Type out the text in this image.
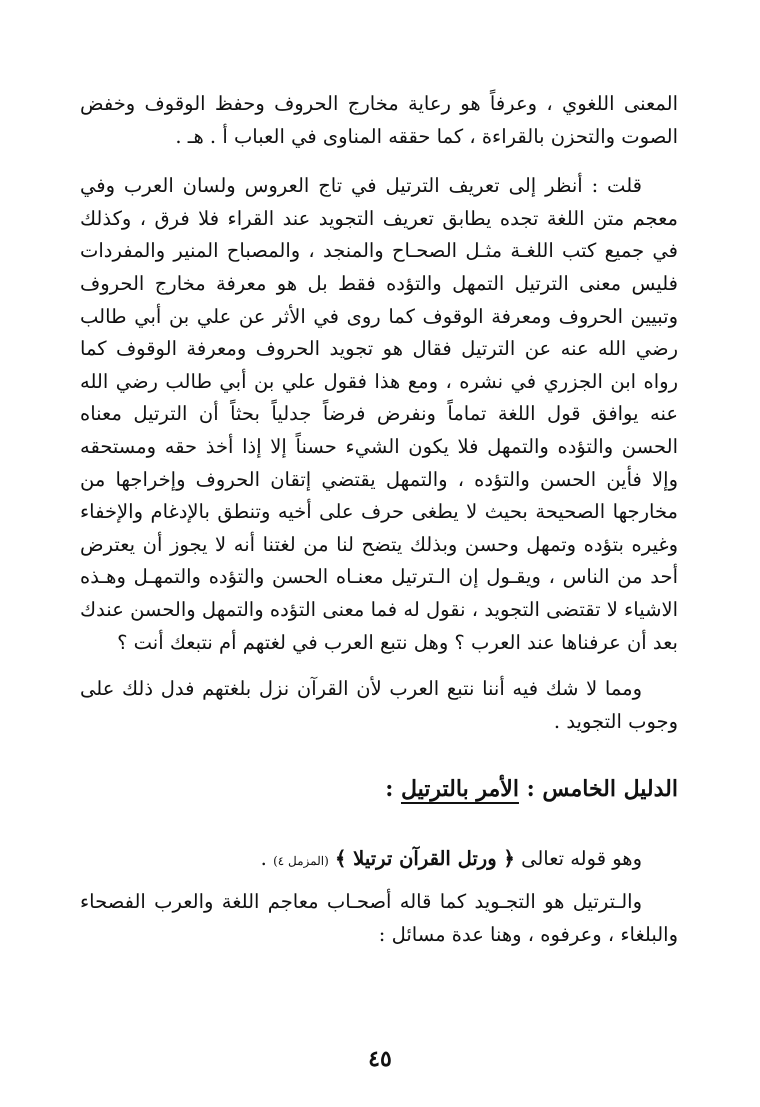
المعنى اللغوي ، وعرفاً هو رعاية مخارج الحروف وحفظ الوقوف وخفض الصوت والتحزن بالقراءة ، كما حققه المناوى في العباب أ . هـ .

قلت : أنظر إلى تعريف الترتيل في تاج العروس ولسان العرب وفي معجم متن اللغة تجده يطابق تعريف التجويد عند القراء فلا فرق ، وكذلك في جميع كتب اللغـة مثـل الصحـاح والمنجد ، والمصباح المنير والمفردات فليس معنى الترتيل التمهل والتؤده فقط بل هو معرفة مخارج الحروف وتبيين الحروف ومعرفة الوقوف كما روى في الأثر عن علي بن أبي طالب رضي الله عنه عن الترتيل فقال هو تجويد الحروف ومعرفة الوقوف كما رواه ابن الجزري في نشره ، ومع هذا فقول علي بن أبي طالب رضي الله عنه يوافق قول اللغة تماماً ونفرض فرضاً جدلياً بحثاً أن الترتيل معناه الحسن والتؤده والتمهل فلا يكون الشيء حسناً إلا إذا أخذ حقه ومستحقه وإلا فأين الحسن والتؤده ، والتمهل يقتضي إتقان الحروف وإخراجها من مخارجها الصحيحة بحيث لا يطغى حرف على أخيه وتنطق بالإدغام والإخفاء وغيره بتؤده وتمهل وحسن وبذلك يتضح لنا من لغتنا أنه لا يجوز أن يعترض أحد من الناس ، ويقـول إن الـترتيل معنـاه الحسن والتؤده والتمهـل وهـذه الاشياء لا تقتضى التجويد ، نقول له فما معنى التؤده والتمهل والحسن عندك بعد أن عرفناها عند العرب ؟ وهل نتبع العرب في لغتهم أم نتبعك أنت ؟

ومما لا شك فيه أننا نتبع العرب لأن القرآن نزل بلغتهم فدل ذلك على وجوب التجويد .

الدليل الخامس : الأمر بالترتيل :

وهو قوله تعالى ﴿ ورتل القرآن ترتيلا ﴾ (المزمل ٤) .

والـترتيل هو التجـويد كما قاله أصحـاب معاجم اللغة والعرب الفصحاء والبلغاء ، وعرفوه ، وهنا عدة مسائل :

٤٥
